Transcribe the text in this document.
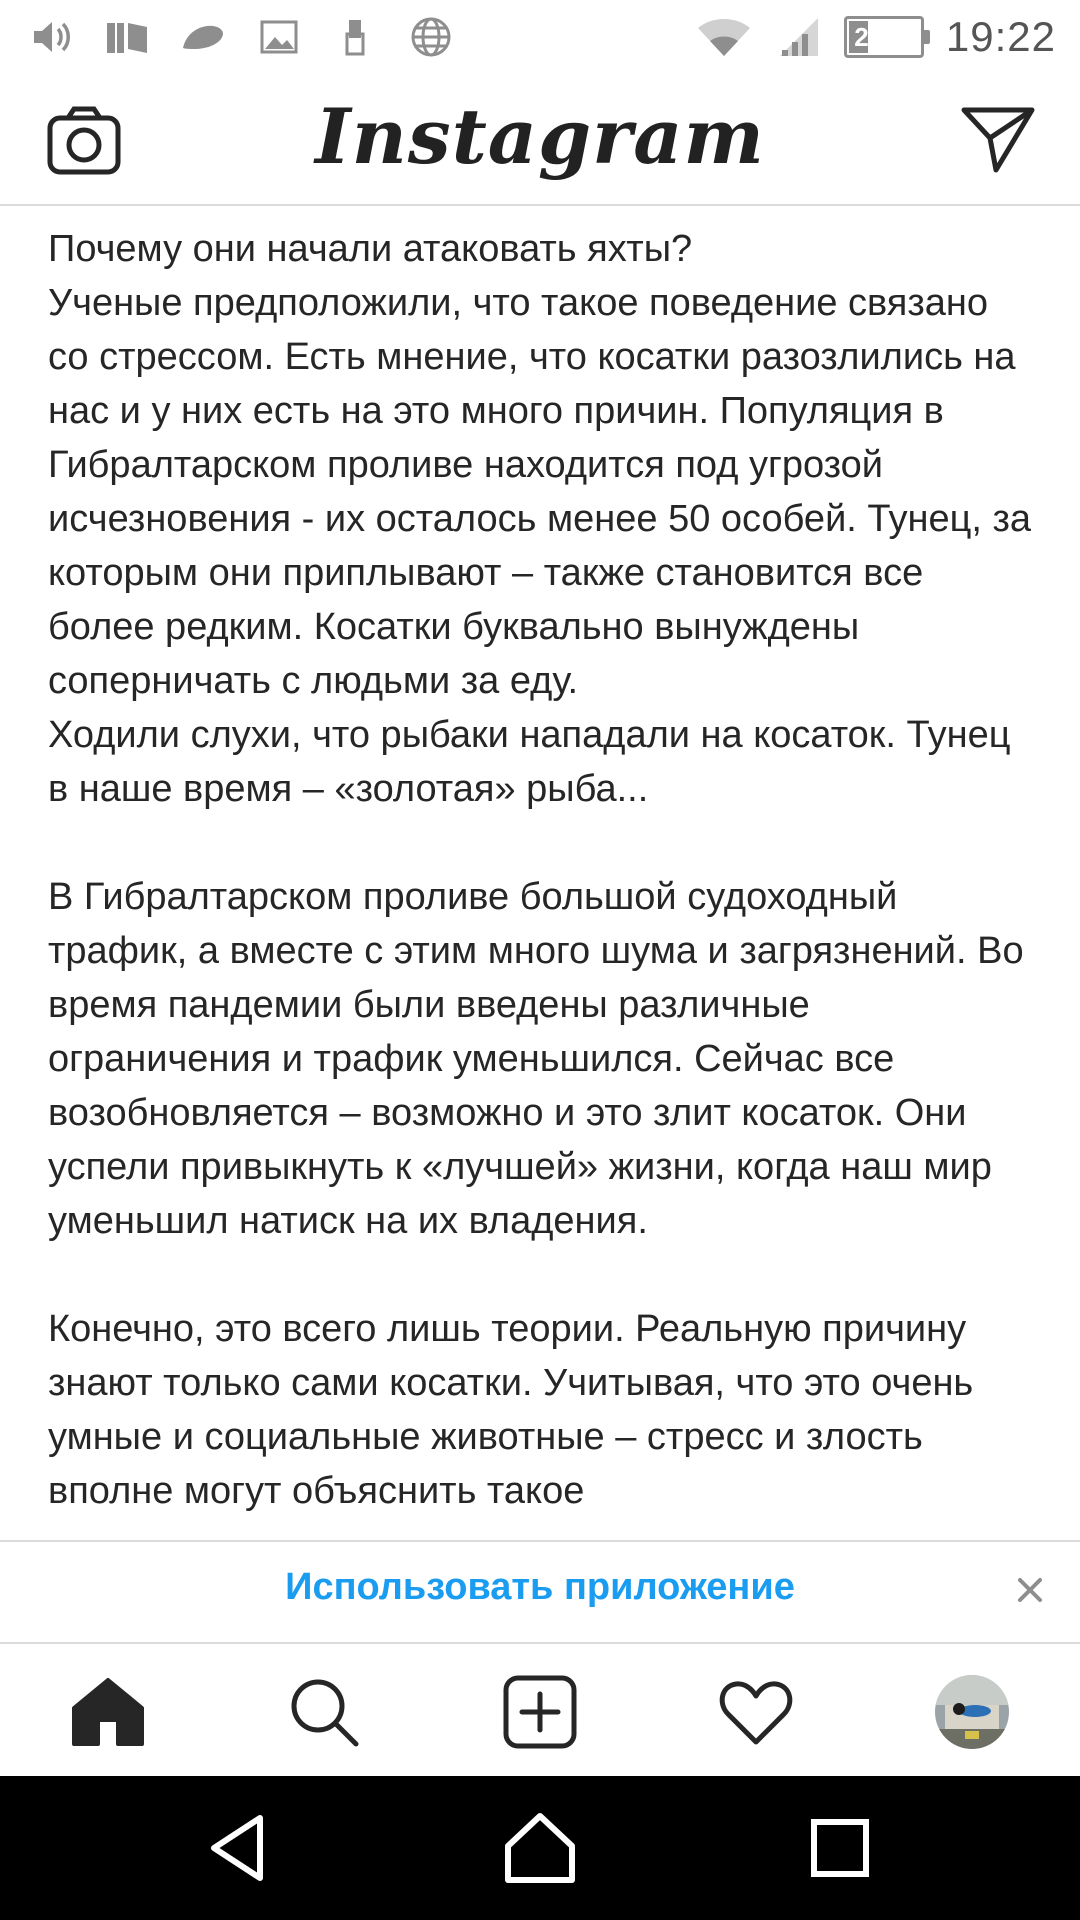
26 % 19:22
Instagram

Почему они начали атаковать яхты?
Ученые предположили, что такое поведение связано со стрессом. Есть мнение, что косатки разозлились на нас и у них есть на это много причин. Популяция в Гибралтарском проливе находится под угрозой исчезновения - их осталось менее 50 особей. Тунец, за которым они приплывают – также становится все более редким. Косатки буквально вынуждены соперничать с людьми за еду.
Ходили слухи, что рыбаки нападали на косаток. Тунец в наше время – «золотая» рыба...

В Гибралтарском проливе большой судоходный трафик, а вместе с этим много шума и загрязнений. Во время пандемии были введены различные ограничения и трафик уменьшился. Сейчас все возобновляется – возможно и это злит косаток. Они успели привыкнуть к «лучшей» жизни, когда наш мир уменьшил натиск на их владения.

Конечно, это всего лишь теории. Реальную причину знают только сами косатки. Учитывая, что это очень умные и социальные животные – стресс и злость вполне могут объяснить такое

Использовать приложение
